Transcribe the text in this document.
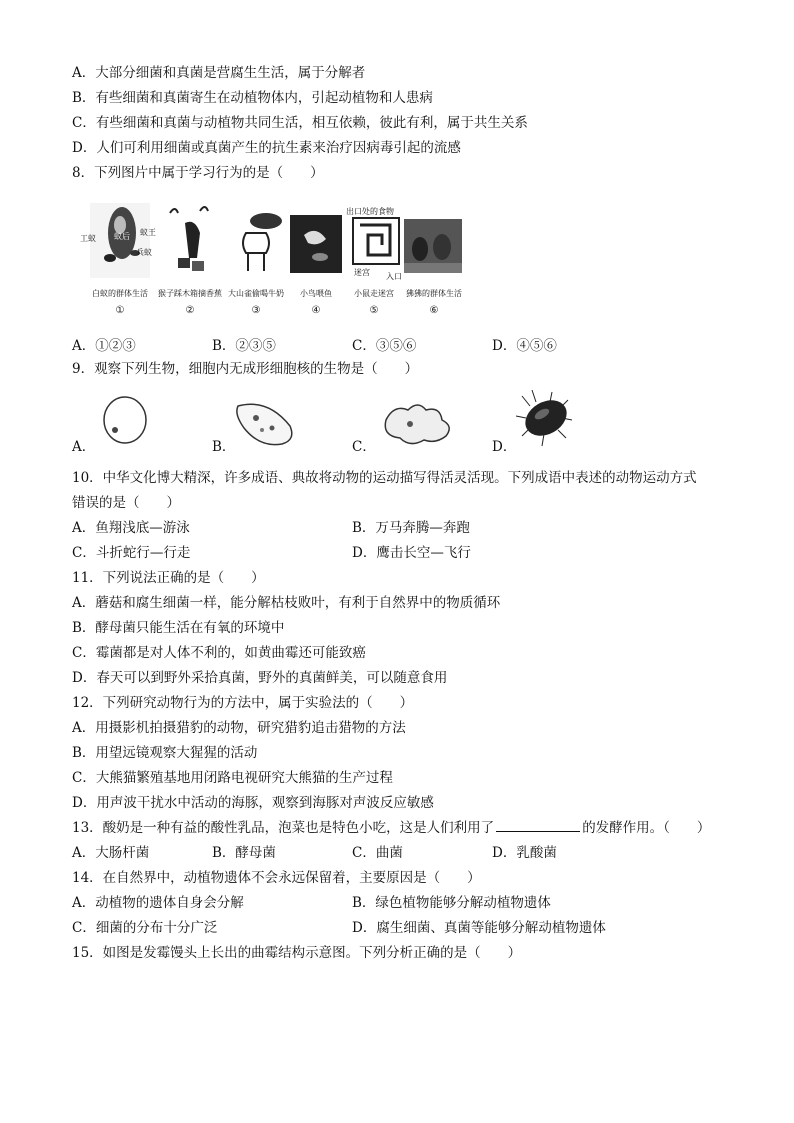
A．大部分细菌和真菌是营腐生生活，属于分解者
B．有些细菌和真菌寄生在动植物体内，引起动植物和人患病
C．有些细菌和真菌与动植物共同生活，相互依赖，彼此有利，属于共生关系
D．人们可利用细菌或真菌产生的抗生素来治疗因病毒引起的流感
8．下列图片中属于学习行为的是（　　）
工蚁 蚁后 蚁王
兵蚁
白蚁的群体生活
①
猴子踩木箱摘香蕉
②
大山雀偷喝牛奶
③
小鸟喂鱼
④
出口处的食物
迷宫 入口
小鼠走迷宫
⑤
狒狒的群体生活
⑥
A．①②③	B．②③⑤	C．③⑤⑥	D．④⑤⑥
9．观察下列生物，细胞内无成形细胞核的生物是（　　）
A．	B．	C．	D．
10．中华文化博大精深，许多成语、典故将动物的运动描写得活灵活现。下列成语中表述的动物运动方式
错误的是（　　）
A．鱼翔浅底—游泳	B．万马奔腾—奔跑
C．斗折蛇行—行走	D．鹰击长空—飞行
11．下列说法正确的是（　　）
A．蘑菇和腐生细菌一样，能分解枯枝败叶，有利于自然界中的物质循环
B．酵母菌只能生活在有氧的环境中
C．霉菌都是对人体不利的，如黄曲霉还可能致癌
D．春天可以到野外采拾真菌，野外的真菌鲜美，可以随意食用
12．下列研究动物行为的方法中，属于实验法的（　　）
A．用摄影机拍摄猎豹的动物，研究猎豹追击猎物的方法
B．用望远镜观察大猩猩的活动
C．大熊猫繁殖基地用闭路电视研究大熊猫的生产过程
D．用声波干扰水中活动的海豚，观察到海豚对声波反应敏感
13．酸奶是一种有益的酸性乳品，泡菜也是特色小吃，这是人们利用了	的发酵作用。（　　）
A．大肠杆菌	B．酵母菌	C．曲菌	D．乳酸菌
14．在自然界中，动植物遗体不会永远保留着，主要原因是（　　）
A．动植物的遗体自身会分解	B．绿色植物能够分解动植物遗体
C．细菌的分布十分广泛	D．腐生细菌、真菌等能够分解动植物遗体
15．如图是发霉馒头上长出的曲霉结构示意图。下列分析正确的是（　　）
